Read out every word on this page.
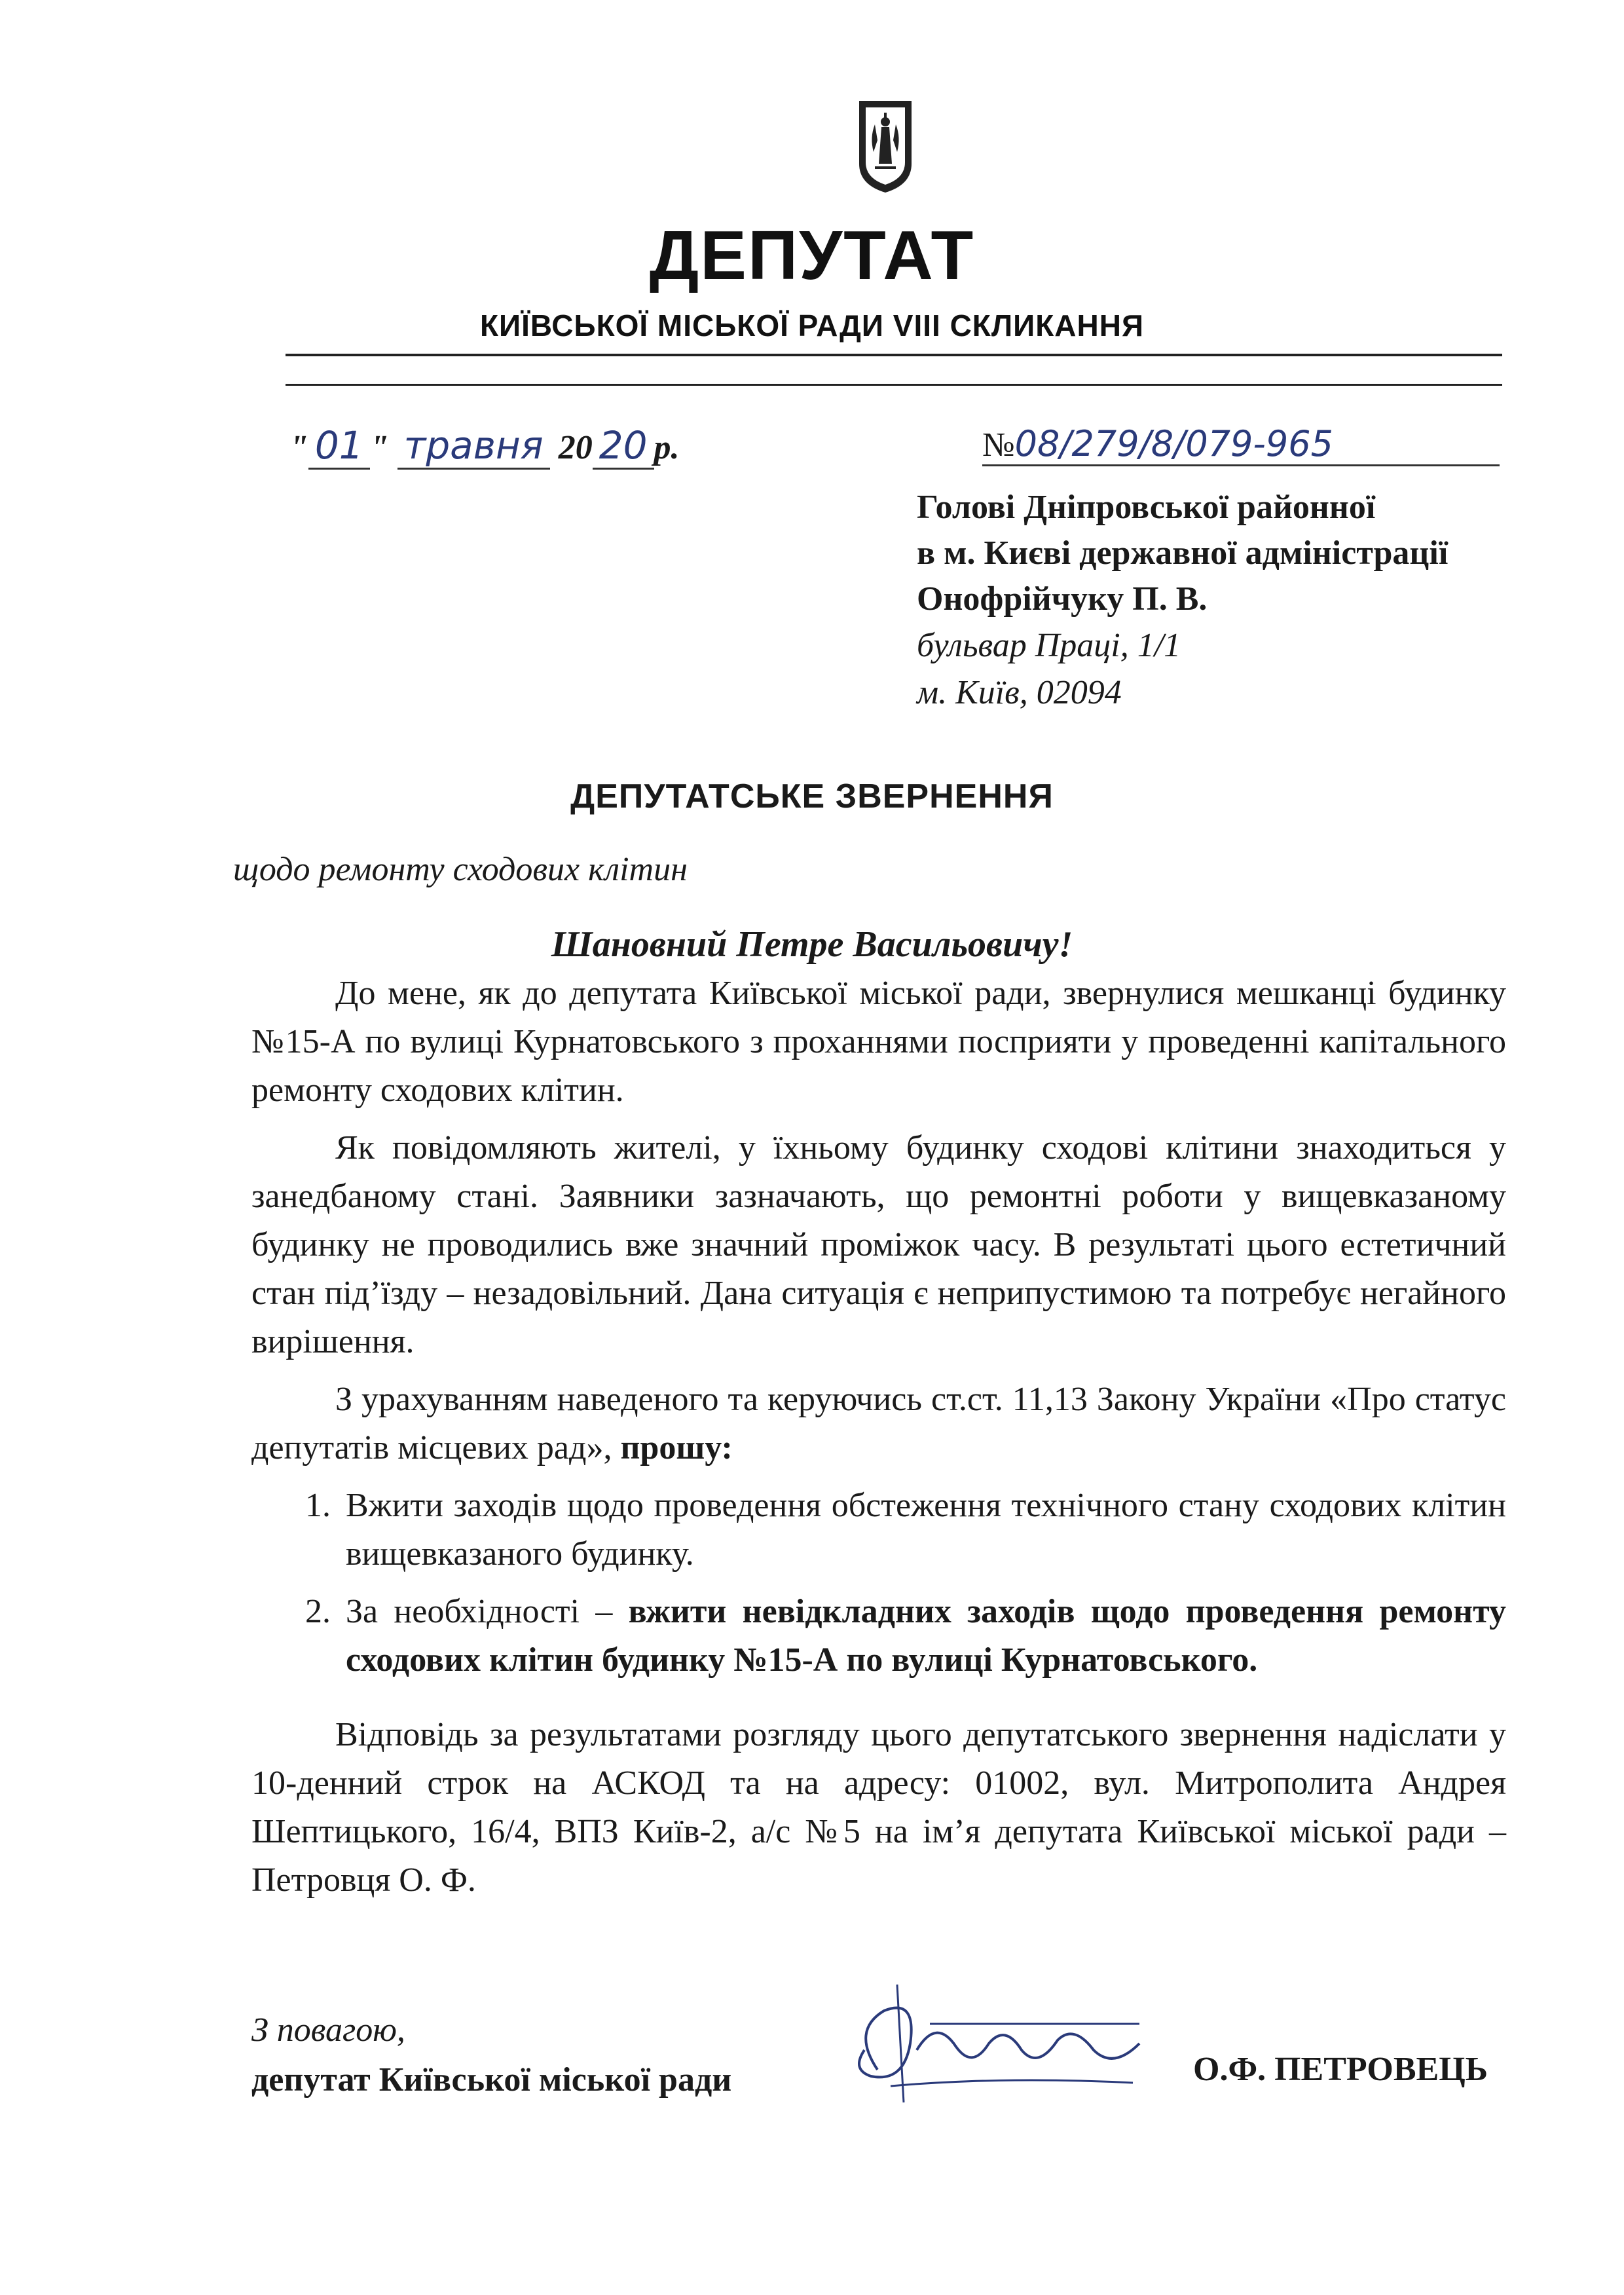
ДЕПУТАТ
КИЇВСЬКОЇ МІСЬКОЇ РАДИ VIII СКЛИКАННЯ
" 01 " травня 20 20 р.	№08/279/8/079-965
Голові Дніпровської районної
в м. Києві державної адміністрації
Онофрійчуку П. В.
бульвар Праці, 1/1
м. Київ, 02094
ДЕПУТАТСЬКЕ ЗВЕРНЕННЯ
щодо ремонту сходових клітин
Шановний Петре Васильовичу!

До мене, як до депутата Київської міської ради, звернулися мешканці будинку №15-А по вулиці Курнатовського з проханнями посприяти у проведенні капітального ремонту сходових клітин.

Як повідомляють жителі, у їхньому будинку сходові клітини знаходиться у занедбаному стані. Заявники зазначають, що ремонтні роботи у вищевказаному будинку не проводились вже значний проміжок часу. В результаті цього естетичний стан під’їзду – незадовільний. Дана ситуація є неприпустимою та потребує негайного вирішення.

З урахуванням наведеного та керуючись ст.ст. 11,13 Закону України «Про статус депутатів місцевих рад», прошу:

1. Вжити заходів щодо проведення обстеження технічного стану сходових клітин вищевказаного будинку.
2. За необхідності – вжити невідкладних заходів щодо проведення ремонту сходових клітин будинку №15-А по вулиці Курнатовського.

Відповідь за результатами розгляду цього депутатського звернення надіслати у 10-денний строк на АСКОД та на адресу: 01002, вул. Митрополита Андрея Шептицького, 16/4, ВПЗ Київ-2, а/с №5 на ім’я депутата Київської міської ради – Петровця О. Ф.

З повагою,
депутат Київської міської ради	О.Ф. ПЕТРОВЕЦЬ
